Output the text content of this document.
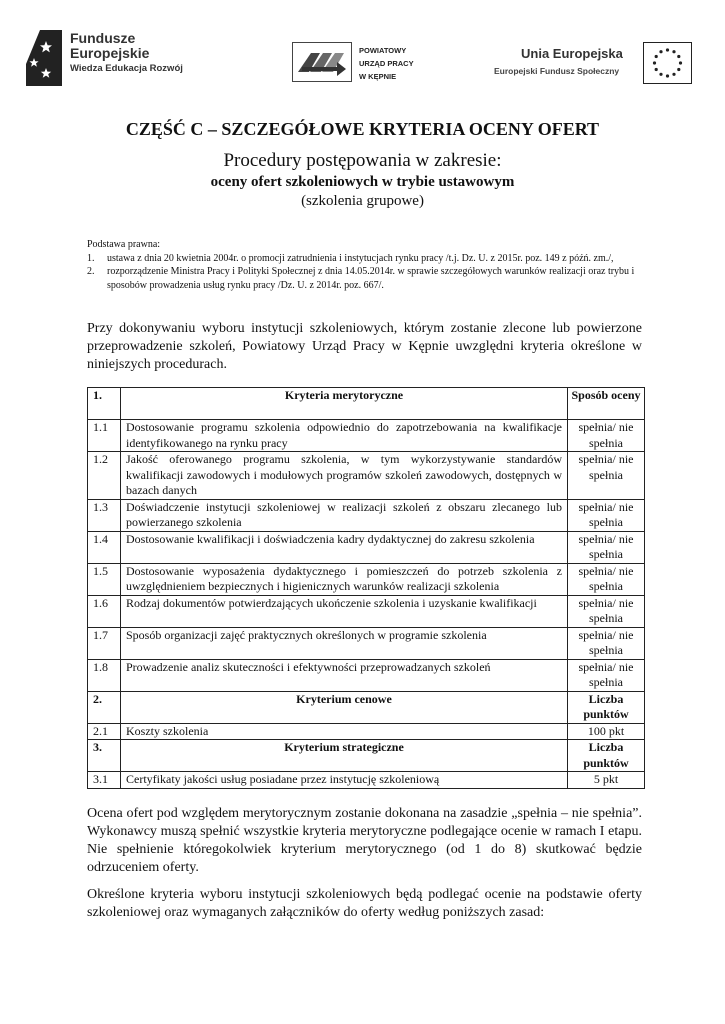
Fundusze
Europejskie
Wiedza Edukacja Rozwój
POWIATOWY
URZĄD PRACY
W KĘPNIE
Unia Europejska
Europejski Fundusz Społeczny
CZĘŚĆ C – SZCZEGÓŁOWE KRYTERIA OCENY OFERT
Procedury postępowania w zakresie:
oceny ofert szkoleniowych w trybie ustawowym
(szkolenia grupowe)
Podstawa prawna:
1. ustawa z dnia 20 kwietnia 2004r. o promocji zatrudnienia i instytucjach rynku pracy /t.j. Dz. U. z 2015r. poz. 149 z późń. zm./,
2. rozporządzenie Ministra Pracy i Polityki Społecznej z dnia 14.05.2014r. w sprawie szczegółowych warunków realizacji oraz trybu i sposobów prowadzenia usług rynku pracy /Dz. U. z 2014r. poz. 667/.
Przy dokonywaniu wyboru instytucji szkoleniowych, którym zostanie zlecone lub powierzone przeprowadzenie szkoleń, Powiatowy Urząd Pracy w Kępnie uwzględni kryteria określone w niniejszych procedurach.
1.	Kryteria merytoryczne	Sposób oceny
1.1	Dostosowanie programu szkolenia odpowiednio do zapotrzebowania na kwalifikacje identyfikowanego na rynku pracy	spełnia/ nie spełnia
1.2	Jakość oferowanego programu szkolenia, w tym wykorzystywanie standardów kwalifikacji zawodowych i modułowych programów szkoleń zawodowych, dostępnych w bazach danych	spełnia/ nie spełnia
1.3	Doświadczenie instytucji szkoleniowej w realizacji szkoleń z obszaru zlecanego lub powierzanego szkolenia	spełnia/ nie spełnia
1.4	Dostosowanie kwalifikacji i doświadczenia kadry dydaktycznej do zakresu szkolenia	spełnia/ nie spełnia
1.5	Dostosowanie wyposażenia dydaktycznego i pomieszczeń do potrzeb szkolenia z uwzględnieniem bezpiecznych i higienicznych warunków realizacji szkolenia	spełnia/ nie spełnia
1.6	Rodzaj dokumentów potwierdzających ukończenie szkolenia i uzyskanie kwalifikacji	spełnia/ nie spełnia
1.7	Sposób organizacji zajęć praktycznych określonych w programie szkolenia	spełnia/ nie spełnia
1.8	Prowadzenie analiz skuteczności i efektywności przeprowadzanych szkoleń	spełnia/ nie spełnia
2.	Kryterium cenowe	Liczba punktów
2.1	Koszty szkolenia	100 pkt
3.	Kryterium strategiczne	Liczba punktów
3.1	Certyfikaty jakości usług posiadane przez instytucję szkoleniową	5 pkt
Ocena ofert pod względem merytorycznym zostanie dokonana na zasadzie „spełnia – nie spełnia”. Wykonawcy muszą spełnić wszystkie kryteria merytoryczne podlegające ocenie w ramach I etapu. Nie spełnienie któregokolwiek kryterium merytorycznego (od 1 do 8) skutkować będzie odrzuceniem oferty.
Określone kryteria wyboru instytucji szkoleniowych będą podlegać ocenie na podstawie oferty szkoleniowej oraz wymaganych załączników do oferty według poniższych zasad:
